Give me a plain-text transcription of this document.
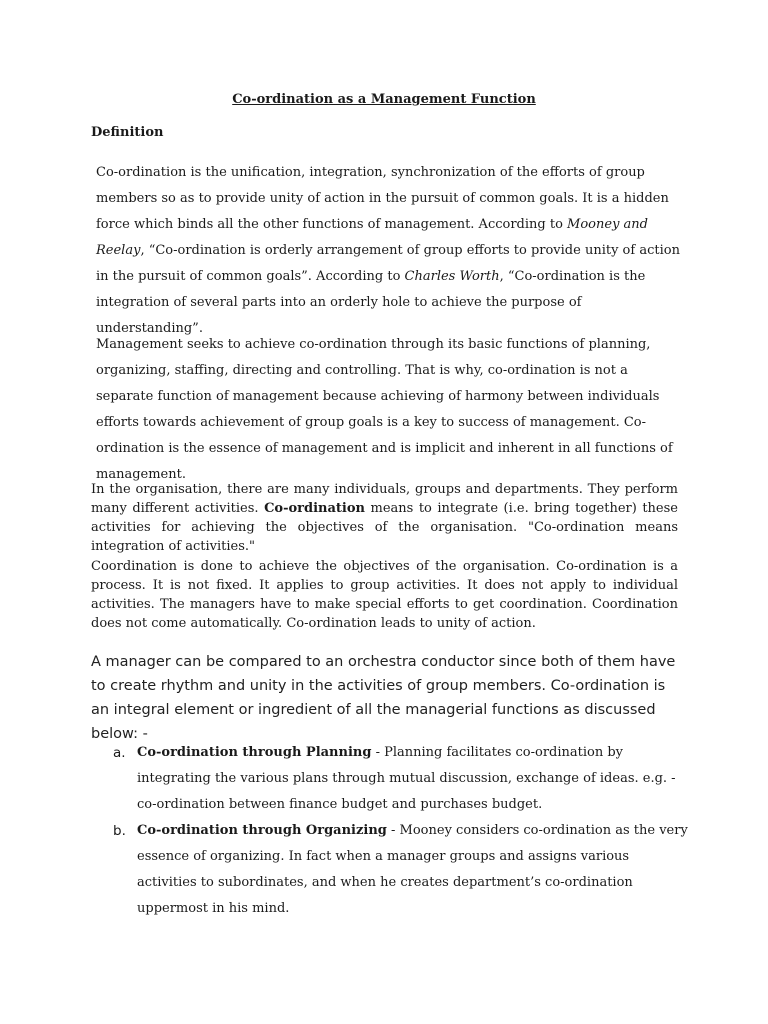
Co-ordination as a Management Function
Definition
Co-ordination is the unification, integration, synchronization of the efforts of group members so as to provide unity of action in the pursuit of common goals. It is a hidden force which binds all the other functions of management. According to Mooney and Reelay, “Co-ordination is orderly arrangement of group efforts to provide unity of action in the pursuit of common goals”. According to Charles Worth, “Co-ordination is the integration of several parts into an orderly hole to achieve the purpose of understanding”.
Management seeks to achieve co-ordination through its basic functions of planning, organizing, staffing, directing and controlling. That is why, co-ordination is not a separate function of management because achieving of harmony between individuals efforts towards achievement of group goals is a key to success of management. Co-ordination is the essence of management and is implicit and inherent in all functions of management.
In the organisation, there are many individuals, groups and departments. They perform many different activities. Co-ordination means to integrate (i.e. bring together) these activities for achieving the objectives of the organisation. "Co-ordination means integration of activities."
Coordination is done to achieve the objectives of the organisation. Co-ordination is a process. It is not fixed. It applies to group activities. It does not apply to individual activities. The managers have to make special efforts to get coordination. Coordination does not come automatically. Co-ordination leads to unity of action.
A manager can be compared to an orchestra conductor since both of them have to create rhythm and unity in the activities of group members. Co-ordination is an integral element or ingredient of all the managerial functions as discussed below: -
a. Co-ordination through Planning - Planning facilitates co-ordination by integrating the various plans through mutual discussion, exchange of ideas. e.g. - co-ordination between finance budget and purchases budget.
b. Co-ordination through Organizing - Mooney considers co-ordination as the very essence of organizing. In fact when a manager groups and assigns various activities to subordinates, and when he creates department’s co-ordination uppermost in his mind.
